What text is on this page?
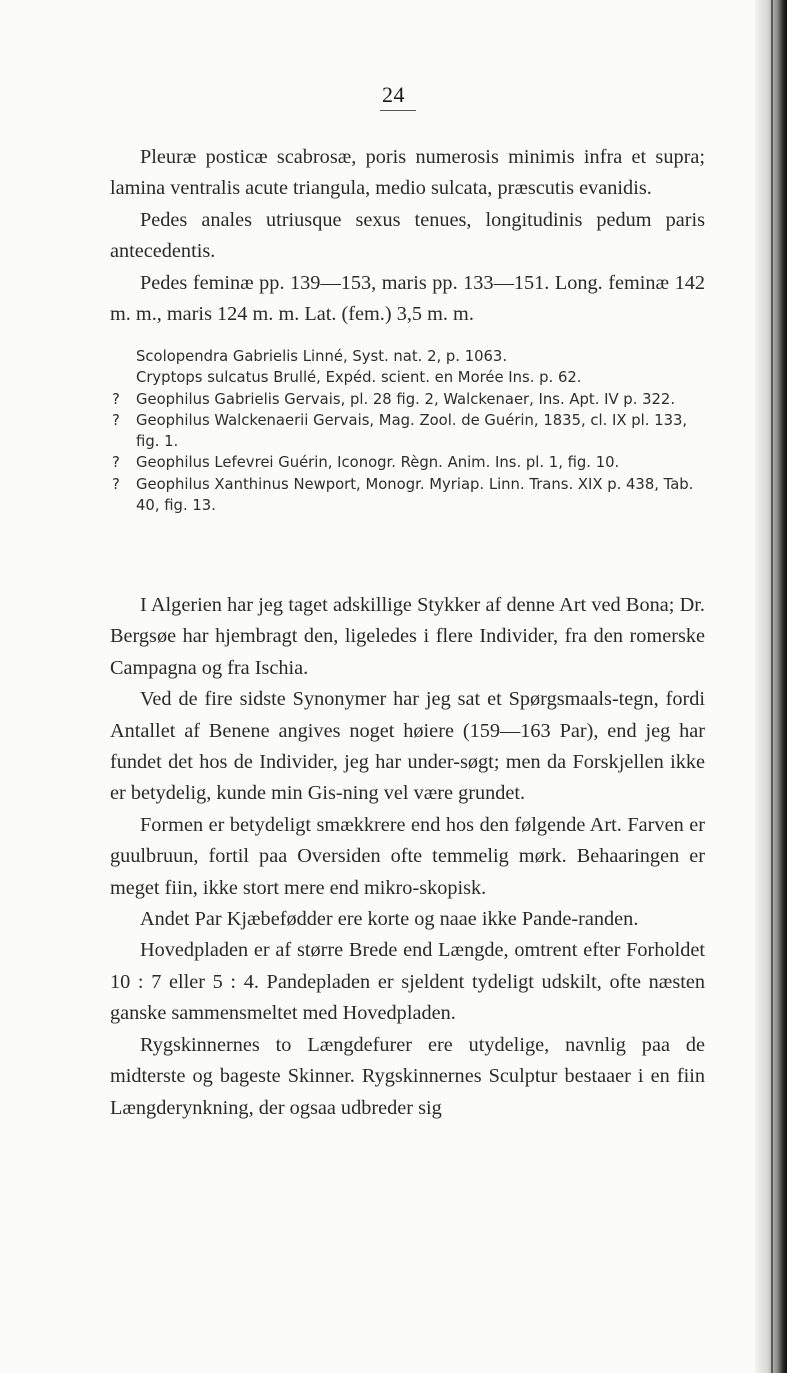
24

Pleuræ posticæ scabrosæ, poris numerosis minimis infra et supra; lamina ventralis acute triangula, medio sulcata, præscutis evanidis.

Pedes anales utriusque sexus tenues, longitudinis pedum paris antecedentis.

Pedes feminæ pp. 139—153, maris pp. 133—151. Long. feminæ 142 m. m., maris 124 m. m. Lat. (fem.) 3,5 m. m.

Scolopendra Gabrielis Linné, Syst. nat. 2, p. 1063.
Cryptops sulcatus Brullé, Expéd. scient. en Morée Ins. p. 62.
?	Geophilus Gabrielis Gervais, pl. 28 fig. 2, Walckenaer, Ins. Apt. IV p. 322.
?	Geophilus Walckenaerii Gervais, Mag. Zool. de Guérin, 1835, cl. IX pl. 133, fig. 1.
?	Geophilus Lefevrei Guérin, Iconogr. Règn. Anim. Ins. pl. 1, fig. 10.
?	Geophilus Xanthinus Newport, Monogr. Myriap. Linn. Trans. XIX p. 438, Tab. 40, fig. 13.

I Algerien har jeg taget adskillige Stykker af denne Art ved Bona; Dr. Bergsøe har hjembragt den, ligeledes i flere Individer, fra den romerske Campagna og fra Ischia.

Ved de fire sidste Synonymer har jeg sat et Spørgsmaals-tegn, fordi Antallet af Benene angives noget høiere (159—163 Par), end jeg har fundet det hos de Individer, jeg har under-søgt; men da Forskjellen ikke er betydelig, kunde min Gis-ning vel være grundet.

Formen er betydeligt smækkrere end hos den følgende Art. Farven er guulbruun, fortil paa Oversiden ofte temmelig mørk. Behaaringen er meget fiin, ikke stort mere end mikro-skopisk.

Andet Par Kjæbefødder ere korte og naae ikke Pande-randen.

Hovedpladen er af større Brede end Længde, omtrent efter Forholdet 10 : 7 eller 5 : 4. Pandepladen er sjeldent tydeligt udskilt, ofte næsten ganske sammensmeltet med Hovedpladen.

Rygskinnernes to Længdefurer ere utydelige, navnlig paa de midterste og bageste Skinner. Rygskinnernes Sculptur bestaaer i en fiin Længderynkning, der ogsaa udbreder sig
